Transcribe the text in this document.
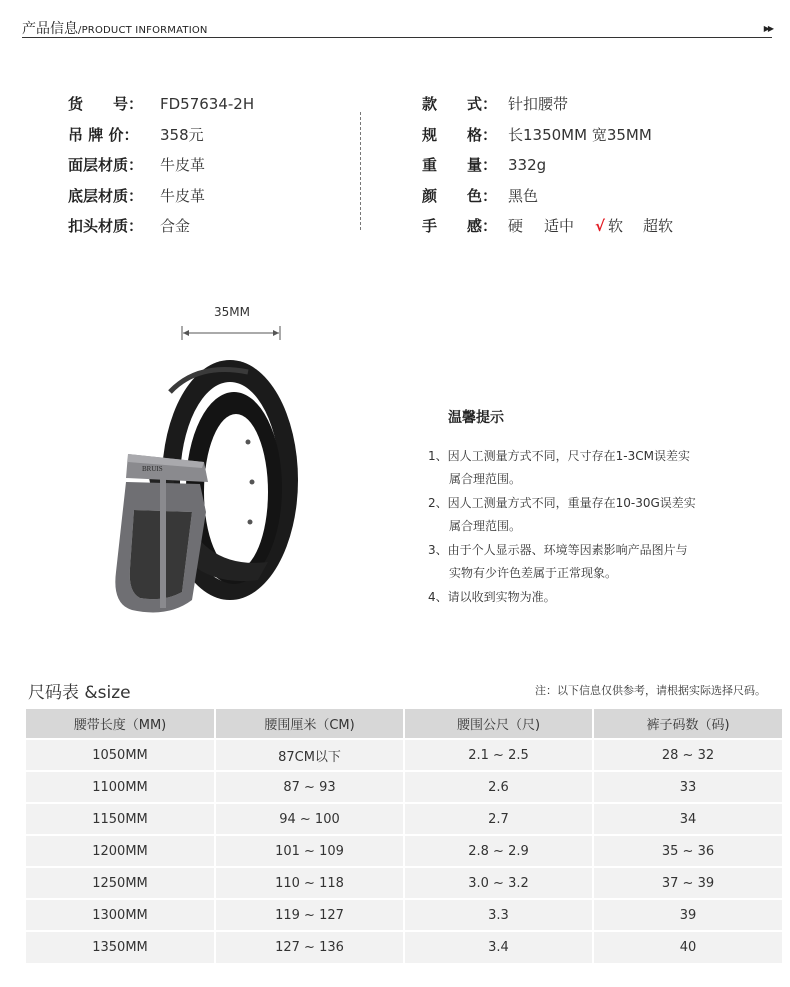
产品信息/PRODUCT INFORMATION	▶▶
货　　号： FD57634-2H
吊 牌 价： 358元
面层材质： 牛皮革
底层材质： 牛皮革
扣头材质： 合金
款　　式： 针扣腰带
规　　格： 长1350MM 宽35MM
重　　量： 332g
颜　　色： 黑色
手　　感： 硬 适中 √ 软 超软
35MM
BRUIS
温馨提示
1、因人工测量方式不同，尺寸存在1-3CM误差实
属合理范围。
2、因人工测量方式不同，重量存在10-30G误差实
属合理范围。
3、由于个人显示器、环境等因素影响产品图片与
实物有少许色差属于正常现象。
4、请以收到实物为准。
尺码表 &size	注：以下信息仅供参考，请根据实际选择尺码。
腰带长度（MM)	腰围厘米（CM)	腰围公尺（尺)	裤子码数（码)
1050MM	87CM以下	2.1 ~ 2.5	28 ~ 32
1100MM	87 ~ 93	2.6	33
1150MM	94 ~ 100	2.7	34
1200MM	101 ~ 109	2.8 ~ 2.9	35 ~ 36
1250MM	110 ~ 118	3.0 ~ 3.2	37 ~ 39
1300MM	119 ~ 127	3.3	39
1350MM	127 ~ 136	3.4	40
